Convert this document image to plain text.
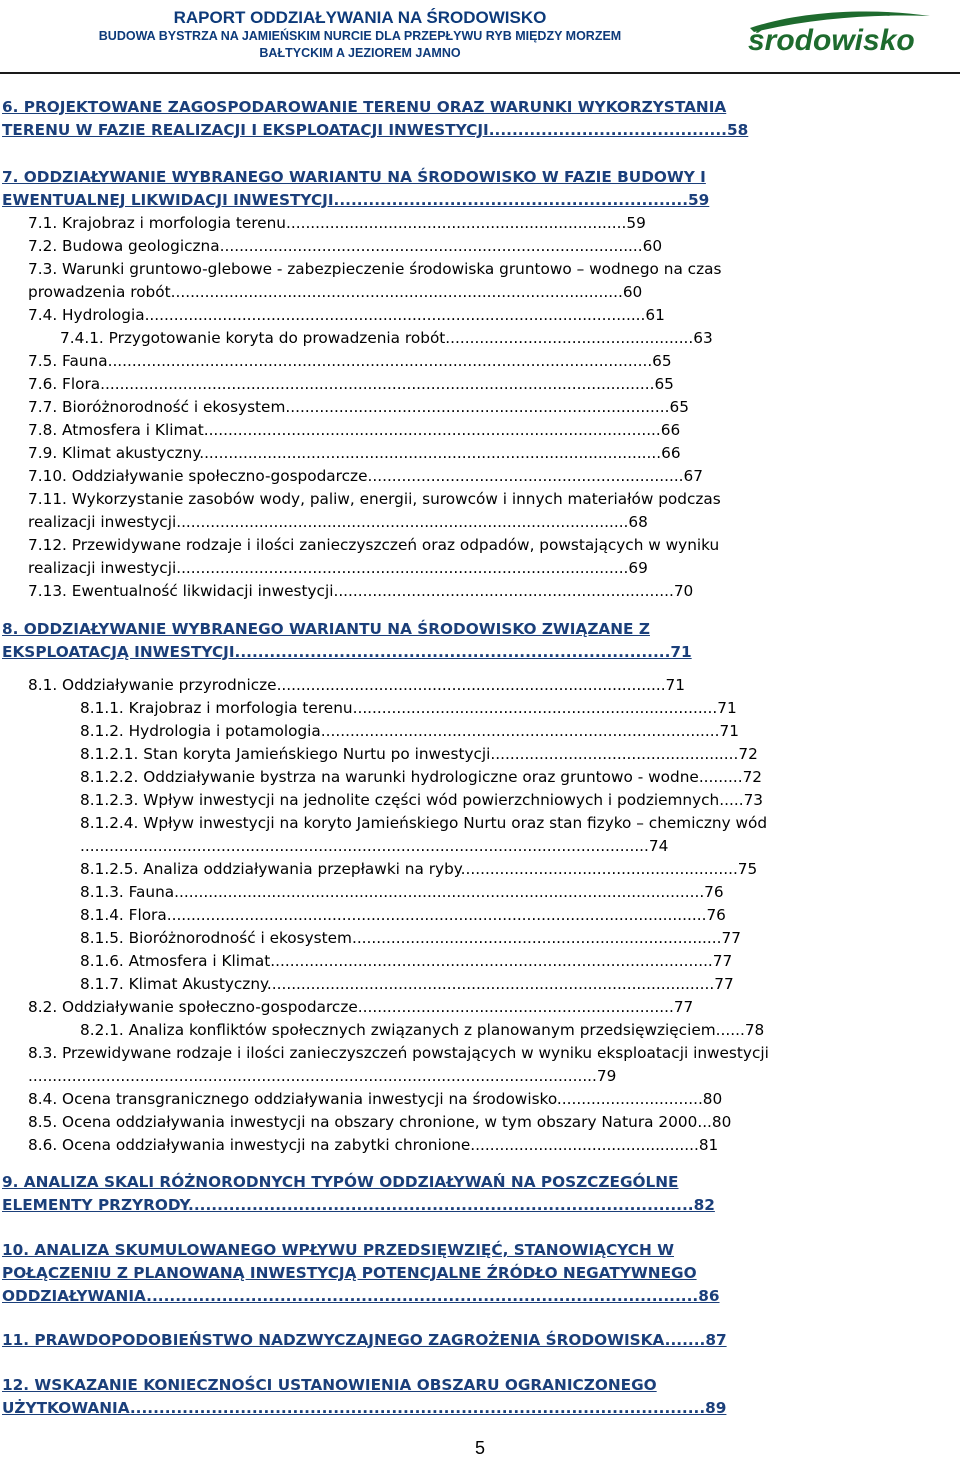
RAPORT ODDZIAŁYWANIA NA ŚRODOWISKO
BUDOWA BYSTRZA NA JAMIEŃSKIM NURCIE DLA PRZEPŁYWU RYB MIĘDZY MORZEM
BAŁTYCKIM A JEZIOREM JAMNO	środowisko
6. PROJEKTOWANE ZAGOSPODAROWANIE TERENU ORAZ WARUNKI WYKORZYSTANIA
TERENU W FAZIE REALIZACJI I EKSPLOATACJI INWESTYCJI.........................................58
7. ODDZIAŁYWANIE WYBRANEGO WARIANTU NA ŚRODOWISKO W FAZIE BUDOWY I
EWENTUALNEJ LIKWIDACJI INWESTYCJI.............................................................59
7.1. Krajobraz i morfologia terenu......................................................................59
7.2. Budowa geologiczna.......................................................................................60
7.3. Warunki gruntowo-glebowe - zabezpieczenie środowiska gruntowo – wodnego na czas
prowadzenia robót.............................................................................................60
7.4. Hydrologia.......................................................................................................61
7.4.1. Przygotowanie koryta do prowadzenia robót...................................................63
7.5. Fauna................................................................................................................65
7.6. Flora..................................................................................................................65
7.7. Bioróżnorodność i ekosystem...............................................................................65
7.8. Atmosfera i Klimat..............................................................................................66
7.9. Klimat akustyczny...............................................................................................66
7.10. Oddziaływanie społeczno-gospodarcze.................................................................67
7.11. Wykorzystanie zasobów wody, paliw, energii, surowców i innych materiałów podczas
realizacji inwestycji.............................................................................................68
7.12. Przewidywane rodzaje i ilości zanieczyszczeń oraz odpadów, powstających w wyniku
realizacji inwestycji.............................................................................................69
7.13. Ewentualność likwidacji inwestycji......................................................................70
8. ODDZIAŁYWANIE WYBRANEGO WARIANTU NA ŚRODOWISKO ZWIĄZANE Z
EKSPLOATACJĄ INWESTYCJI...........................................................................71
8.1. Oddziaływanie przyrodnicze................................................................................71
8.1.1. Krajobraz i morfologia terenu...........................................................................71
8.1.2. Hydrologia i potamologia..................................................................................71
8.1.2.1. Stan koryta Jamieńskiego Nurtu po inwestycji...................................................72
8.1.2.2. Oddziaływanie bystrza na warunki hydrologiczne oraz gruntowo - wodne.........72
8.1.2.3. Wpływ inwestycji na jednolite części wód powierzchniowych i podziemnych.....73
8.1.2.4. Wpływ inwestycji na koryto Jamieńskiego Nurtu oraz stan fizyko – chemiczny wód
.....................................................................................................................74
8.1.2.5. Analiza oddziaływania przepławki na ryby.........................................................75
8.1.3. Fauna.............................................................................................................76
8.1.4. Flora...............................................................................................................76
8.1.5. Bioróżnorodność i ekosystem............................................................................77
8.1.6. Atmosfera i Klimat...........................................................................................77
8.1.7. Klimat Akustyczny............................................................................................77
8.2. Oddziaływanie społeczno-gospodarcze.................................................................77
8.2.1. Analiza konfliktów społecznych związanych z planowanym przedsięwzięciem......78
8.3. Przewidywane rodzaje i ilości zanieczyszczeń powstających w wyniku eksploatacji inwestycji
.....................................................................................................................79
8.4. Ocena transgranicznego oddziaływania inwestycji na środowisko..............................80
8.5. Ocena oddziaływania inwestycji na obszary chronione, w tym obszary Natura 2000...80
8.6. Ocena oddziaływania inwestycji na zabytki chronione...............................................81
9. ANALIZA SKALI RÓŻNORODNYCH TYPÓW ODDZIAŁYWAŃ NA POSZCZEGÓLNE
ELEMENTY PRZYRODY.......................................................................................82
10. ANALIZA SKUMULOWANEGO WPŁYWU PRZEDSIĘWZIĘĆ, STANOWIĄCYCH W
POŁĄCZENIU Z PLANOWANĄ INWESTYCJĄ POTENCJALNE ŹRÓDŁO NEGATYWNEGO
ODDZIAŁYWANIA...............................................................................................86
11. PRAWDOPODOBIEŃSTWO NADZWYCZAJNEGO ZAGROŻENIA ŚRODOWISKA.......87
12. WSKAZANIE KONIECZNOŚCI USTANOWIENIA OBSZARU OGRANICZONEGO
UŻYTKOWANIA...................................................................................................89
5
